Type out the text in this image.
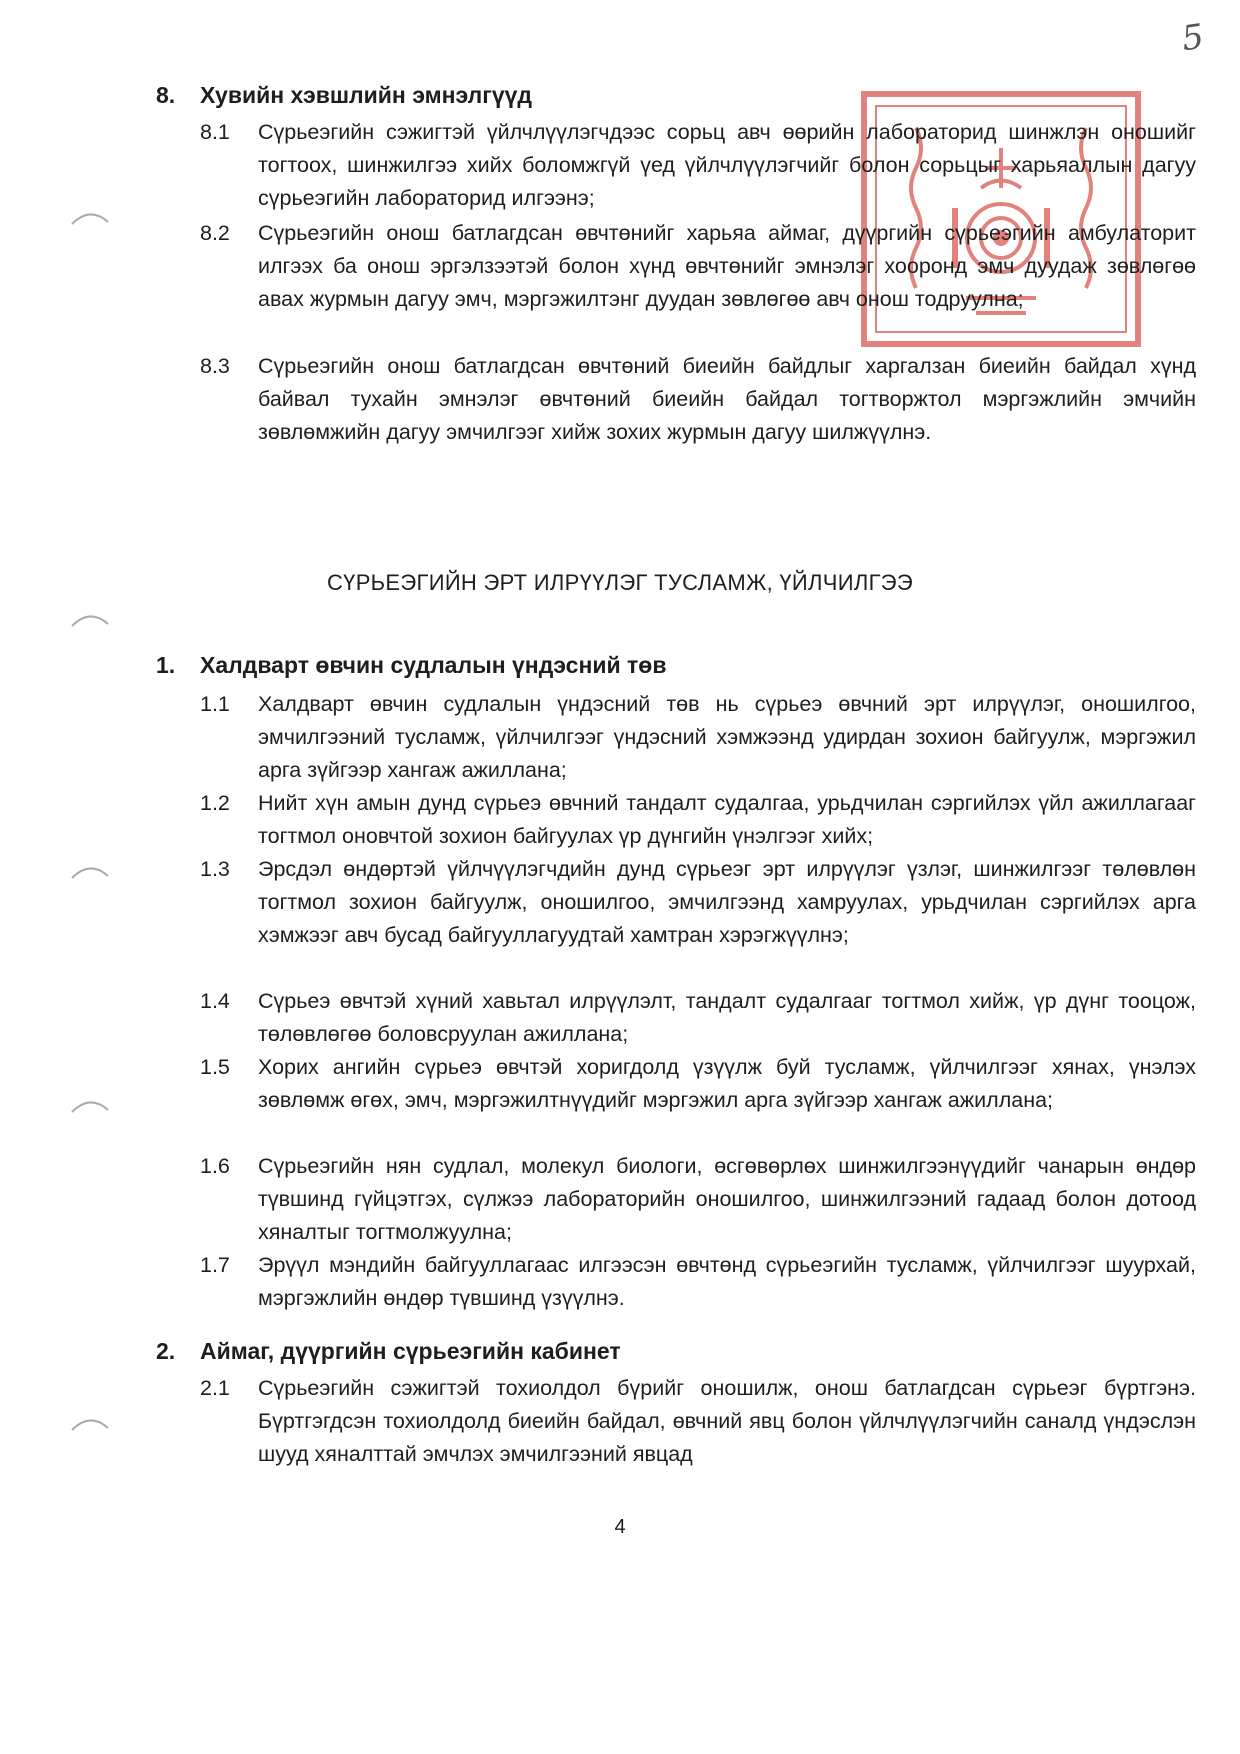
5
8. Хувийн хэвшлийн эмнэлгүүд
8.1 Сүрьеэгийн сэжигтэй үйлчлүүлэгчдээс сорьц авч өөрийн лабораторид шинжлэн оношийг тогтоох, шинжилгээ хийх боломжгүй үед үйлчлүүлэгчийг болон сорьцыг харьяаллын дагуу сүрьеэгийн лабораторид илгээнэ;
8.2 Сүрьеэгийн онош батлагдсан өвчтөнийг харьяа аймаг, дүүргийн сүрьеэгийн амбулаторит илгээх ба онош эргэлзээтэй болон хүнд өвчтөнийг эмнэлэг хооронд эмч дуудаж зөвлөгөө авах журмын дагуу эмч, мэргэжилтэнг дуудан зөвлөгөө авч онош тодруулна;
8.3 Сүрьеэгийн онош батлагдсан өвчтөний биеийн байдлыг харгалзан биеийн байдал хүнд байвал тухайн эмнэлэг өвчтөний биеийн байдал тогтворжтол мэргэжлийн эмчийн зөвлөмжийн дагуу эмчилгээг хийж зохих журмын дагуу шилжүүлнэ.
СҮРЬЕЭГИЙН ЭРТ ИЛРҮҮЛЭГ ТУСЛАМЖ, ҮЙЛЧИЛГЭЭ
1. Халдварт өвчин судлалын үндэсний төв
1.1 Халдварт өвчин судлалын үндэсний төв нь сүрьеэ өвчний эрт илрүүлэг, оношилгоо, эмчилгээний тусламж, үйлчилгээг үндэсний хэмжээнд удирдан зохион байгуулж, мэргэжил арга зүйгээр хангаж ажиллана;
1.2 Нийт хүн амын дунд сүрьеэ өвчний тандалт судалгаа, урьдчилан сэргийлэх үйл ажиллагааг тогтмол оновчтой зохион байгуулах үр дүнгийн үнэлгээг хийх;
1.3 Эрсдэл өндөртэй үйлчүүлэгчдийн дунд сүрьеэг эрт илрүүлэг үзлэг, шинжилгээг төлөвлөн тогтмол зохион байгуулж, оношилгоо, эмчилгээнд хамруулах, урьдчилан сэргийлэх арга хэмжээг авч бусад байгууллагуудтай хамтран хэрэгжүүлнэ;
1.4 Сүрьеэ өвчтэй хүний хавьтал илрүүлэлт, тандалт судалгааг тогтмол хийж, үр дүнг тооцож, төлөвлөгөө боловсруулан ажиллана;
1.5 Хорих ангийн сүрьеэ өвчтэй хоригдолд үзүүлж буй тусламж, үйлчилгээг хянах, үнэлэх зөвлөмж өгөх, эмч, мэргэжилтнүүдийг мэргэжил арга зүйгээр хангаж ажиллана;
1.6 Сүрьеэгийн нян судлал, молекул биологи, өсгөвөрлөх шинжилгээнүүдийг чанарын өндөр түвшинд гүйцэтгэх, сүлжээ лабораторийн оношилгоо, шинжилгээний гадаад болон дотоод хяналтыг тогтмолжуулна;
1.7 Эрүүл мэндийн байгууллагаас илгээсэн өвчтөнд сүрьеэгийн тусламж, үйлчилгээг шуурхай, мэргэжлийн өндөр түвшинд үзүүлнэ.
2. Аймаг, дүүргийн сүрьеэгийн кабинет
2.1 Сүрьеэгийн сэжигтэй тохиолдол бүрийг оношилж, онош батлагдсан сүрьеэг бүртгэнэ. Бүртгэгдсэн тохиолдолд биеийн байдал, өвчний явц болон үйлчлүүлэгчийн саналд үндэслэн шууд хяналттай эмчлэх эмчилгээний явцад
4
